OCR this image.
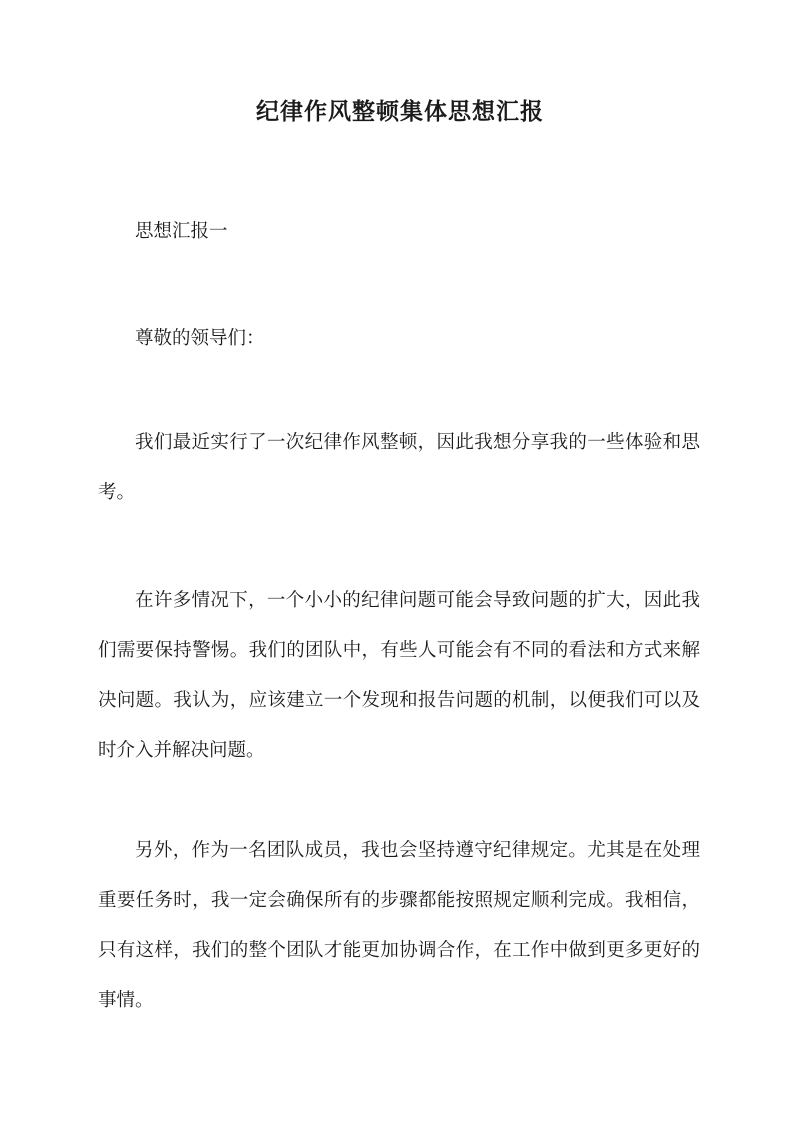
纪律作风整顿集体思想汇报

思想汇报一

尊敬的领导们：

我们最近实行了一次纪律作风整顿，因此我想分享我的一些体验和思考。

在许多情况下，一个小小的纪律问题可能会导致问题的扩大，因此我们需要保持警惕。我们的团队中，有些人可能会有不同的看法和方式来解决问题。我认为，应该建立一个发现和报告问题的机制，以便我们可以及时介入并解决问题。

另外，作为一名团队成员，我也会坚持遵守纪律规定。尤其是在处理重要任务时，我一定会确保所有的步骤都能按照规定顺利完成。我相信，只有这样，我们的整个团队才能更加协调合作，在工作中做到更多更好的事情。
